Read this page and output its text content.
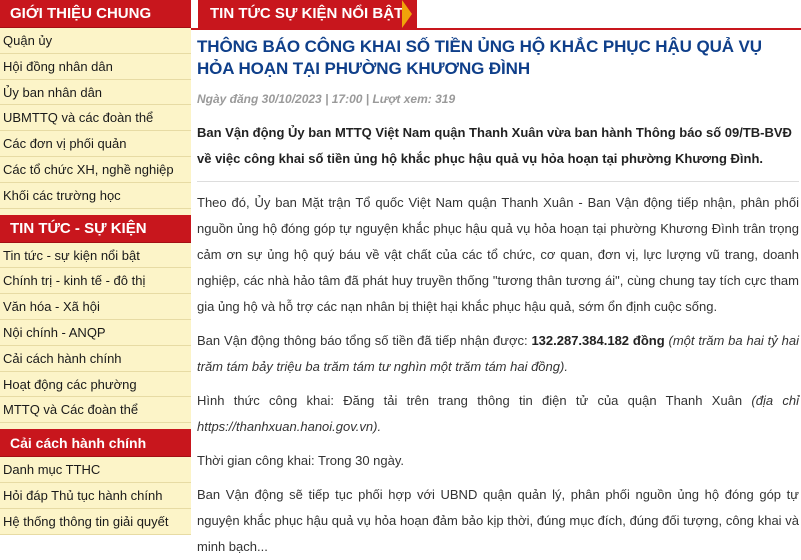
GIỚI THIỆU CHUNG
Quận ủy
Hội đồng nhân dân
Ủy ban nhân dân
UBMTTQ và các đoàn thể
Các đơn vị phối quản
Các tổ chức XH, nghề nghiệp
Khối các trường học
TIN TỨC - SỰ KIỆN
Tin tức - sự kiện nổi bật
Chính trị - kinh tế - đô thị
Văn hóa - Xã hội
Nội chính - ANQP
Cải cách hành chính
Hoạt động các phường
MTTQ và Các đoàn thể
Cải cách hành chính
Danh mục TTHC
Hỏi đáp Thủ tục hành chính
Hệ thống thông tin giải quyết
TIN TỨC SỰ KIỆN NỔI BẬT
THÔNG BÁO CÔNG KHAI SỐ TIỀN ỦNG HỘ KHẮC PHỤC HẬU QUẢ VỤ HỎA HOẠN TẠI PHƯỜNG KHƯƠNG ĐÌNH
Ngày đăng 30/10/2023 | 17:00 | Lượt xem: 319
Ban Vận động Ủy ban MTTQ Việt Nam quận Thanh Xuân vừa ban hành Thông báo số 09/TB-BVĐ về việc công khai số tiền ủng hộ khắc phục hậu quả vụ hỏa hoạn tại phường Khương Đình.
Theo đó, Ủy ban Mặt trận Tổ quốc Việt Nam quận Thanh Xuân - Ban Vận động tiếp nhận, phân phối nguồn ủng hộ đóng góp tự nguyện khắc phục hậu quả vụ hỏa hoạn tại phường Khương Đình trân trọng cảm ơn sự ủng hộ quý báu về vật chất của các tổ chức, cơ quan, đơn vị, lực lượng vũ trang, doanh nghiệp, các nhà hảo tâm đã phát huy truyền thống "tương thân tương ái", cùng chung tay tích cực tham gia ủng hộ và hỗ trợ các nạn nhân bị thiệt hại khắc phục hậu quả, sớm ổn định cuộc sống.
Ban Vận động thông báo tổng số tiền đã tiếp nhận được: 132.287.384.182 đồng (một trăm ba hai tỷ hai trăm tám bảy triệu ba trăm tám tư nghìn một trăm tám hai đồng).
Hình thức công khai: Đăng tải trên trang thông tin điện tử của quận Thanh Xuân (địa chỉ https://thanhxuan.hanoi.gov.vn).
Thời gian công khai: Trong 30 ngày.
Ban Vận động sẽ tiếp tục phối hợp với UBND quận quản lý, phân phối nguồn ủng hộ đóng góp tự nguyện khắc phục hậu quả vụ hỏa hoạn đảm bảo kịp thời, đúng mục đích, đúng đối tượng, công khai và minh bạch...
